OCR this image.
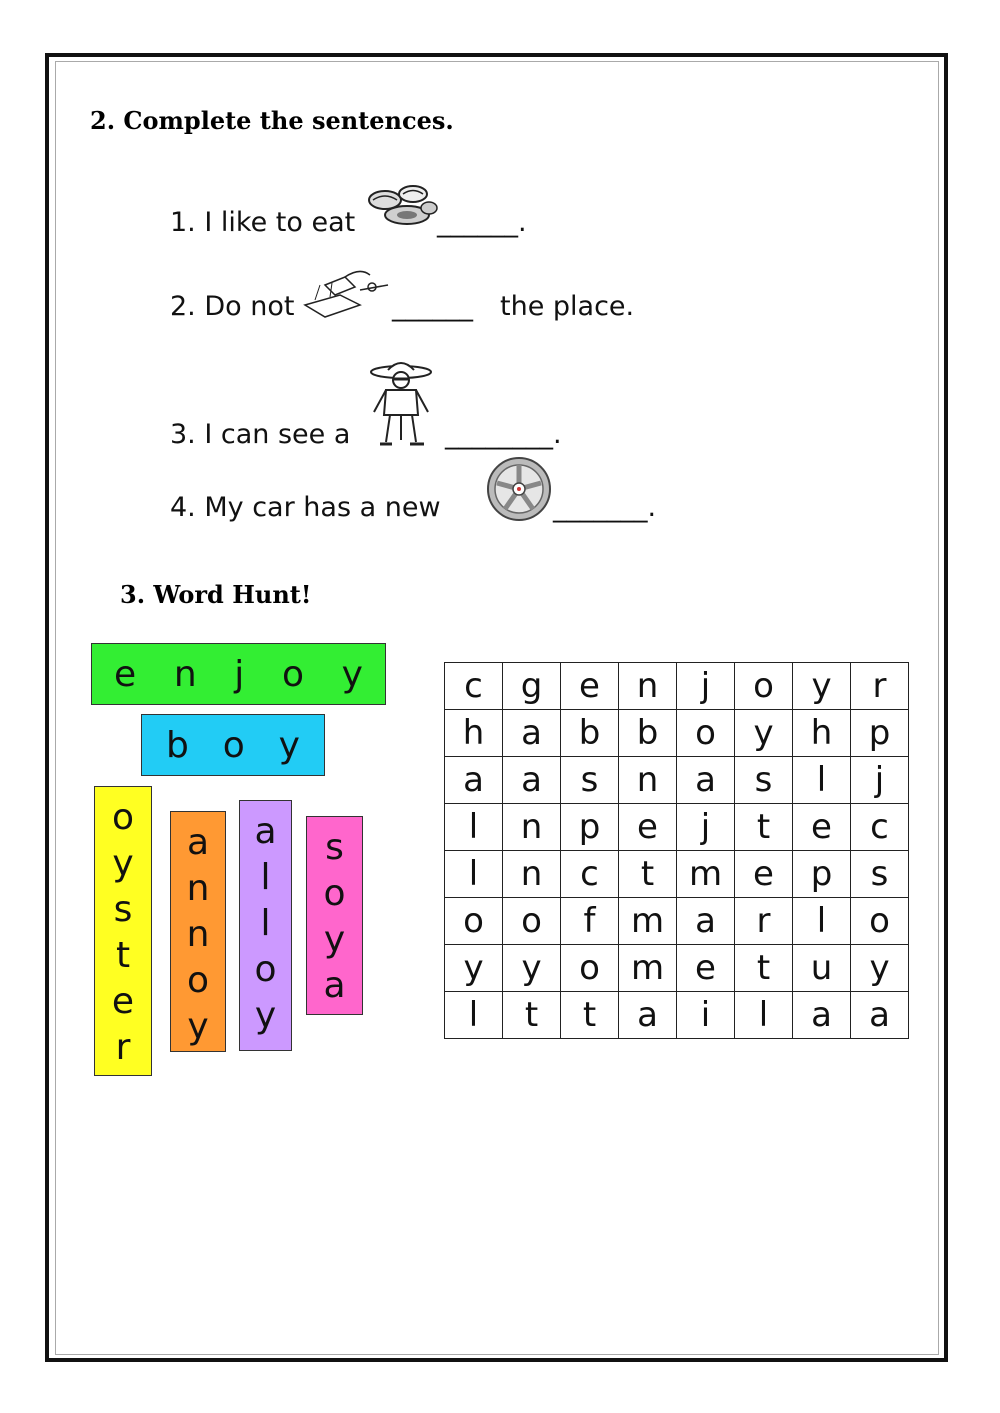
2. Complete the sentences.
1. I like to eat	______.
2. Do not	______ the place.
3. I can see a	________.
4. My car has a new	_______.
3. Word Hunt!
e n j o y
b o y
o
y
s
t
e
r
a
n
n
o
y
a
l
l
o
y
s
o
y
a
c	g	e	n	j	o	y	r
h	a	b	b	o	y	h	p
a	a	s	n	a	s	l	j
l	n	p	e	j	t	e	c
l	n	c	t	m	e	p	s
o	o	f	m	a	r	l	o
y	y	o	m	e	t	u	y
l	t	t	a	i	l	a	a
